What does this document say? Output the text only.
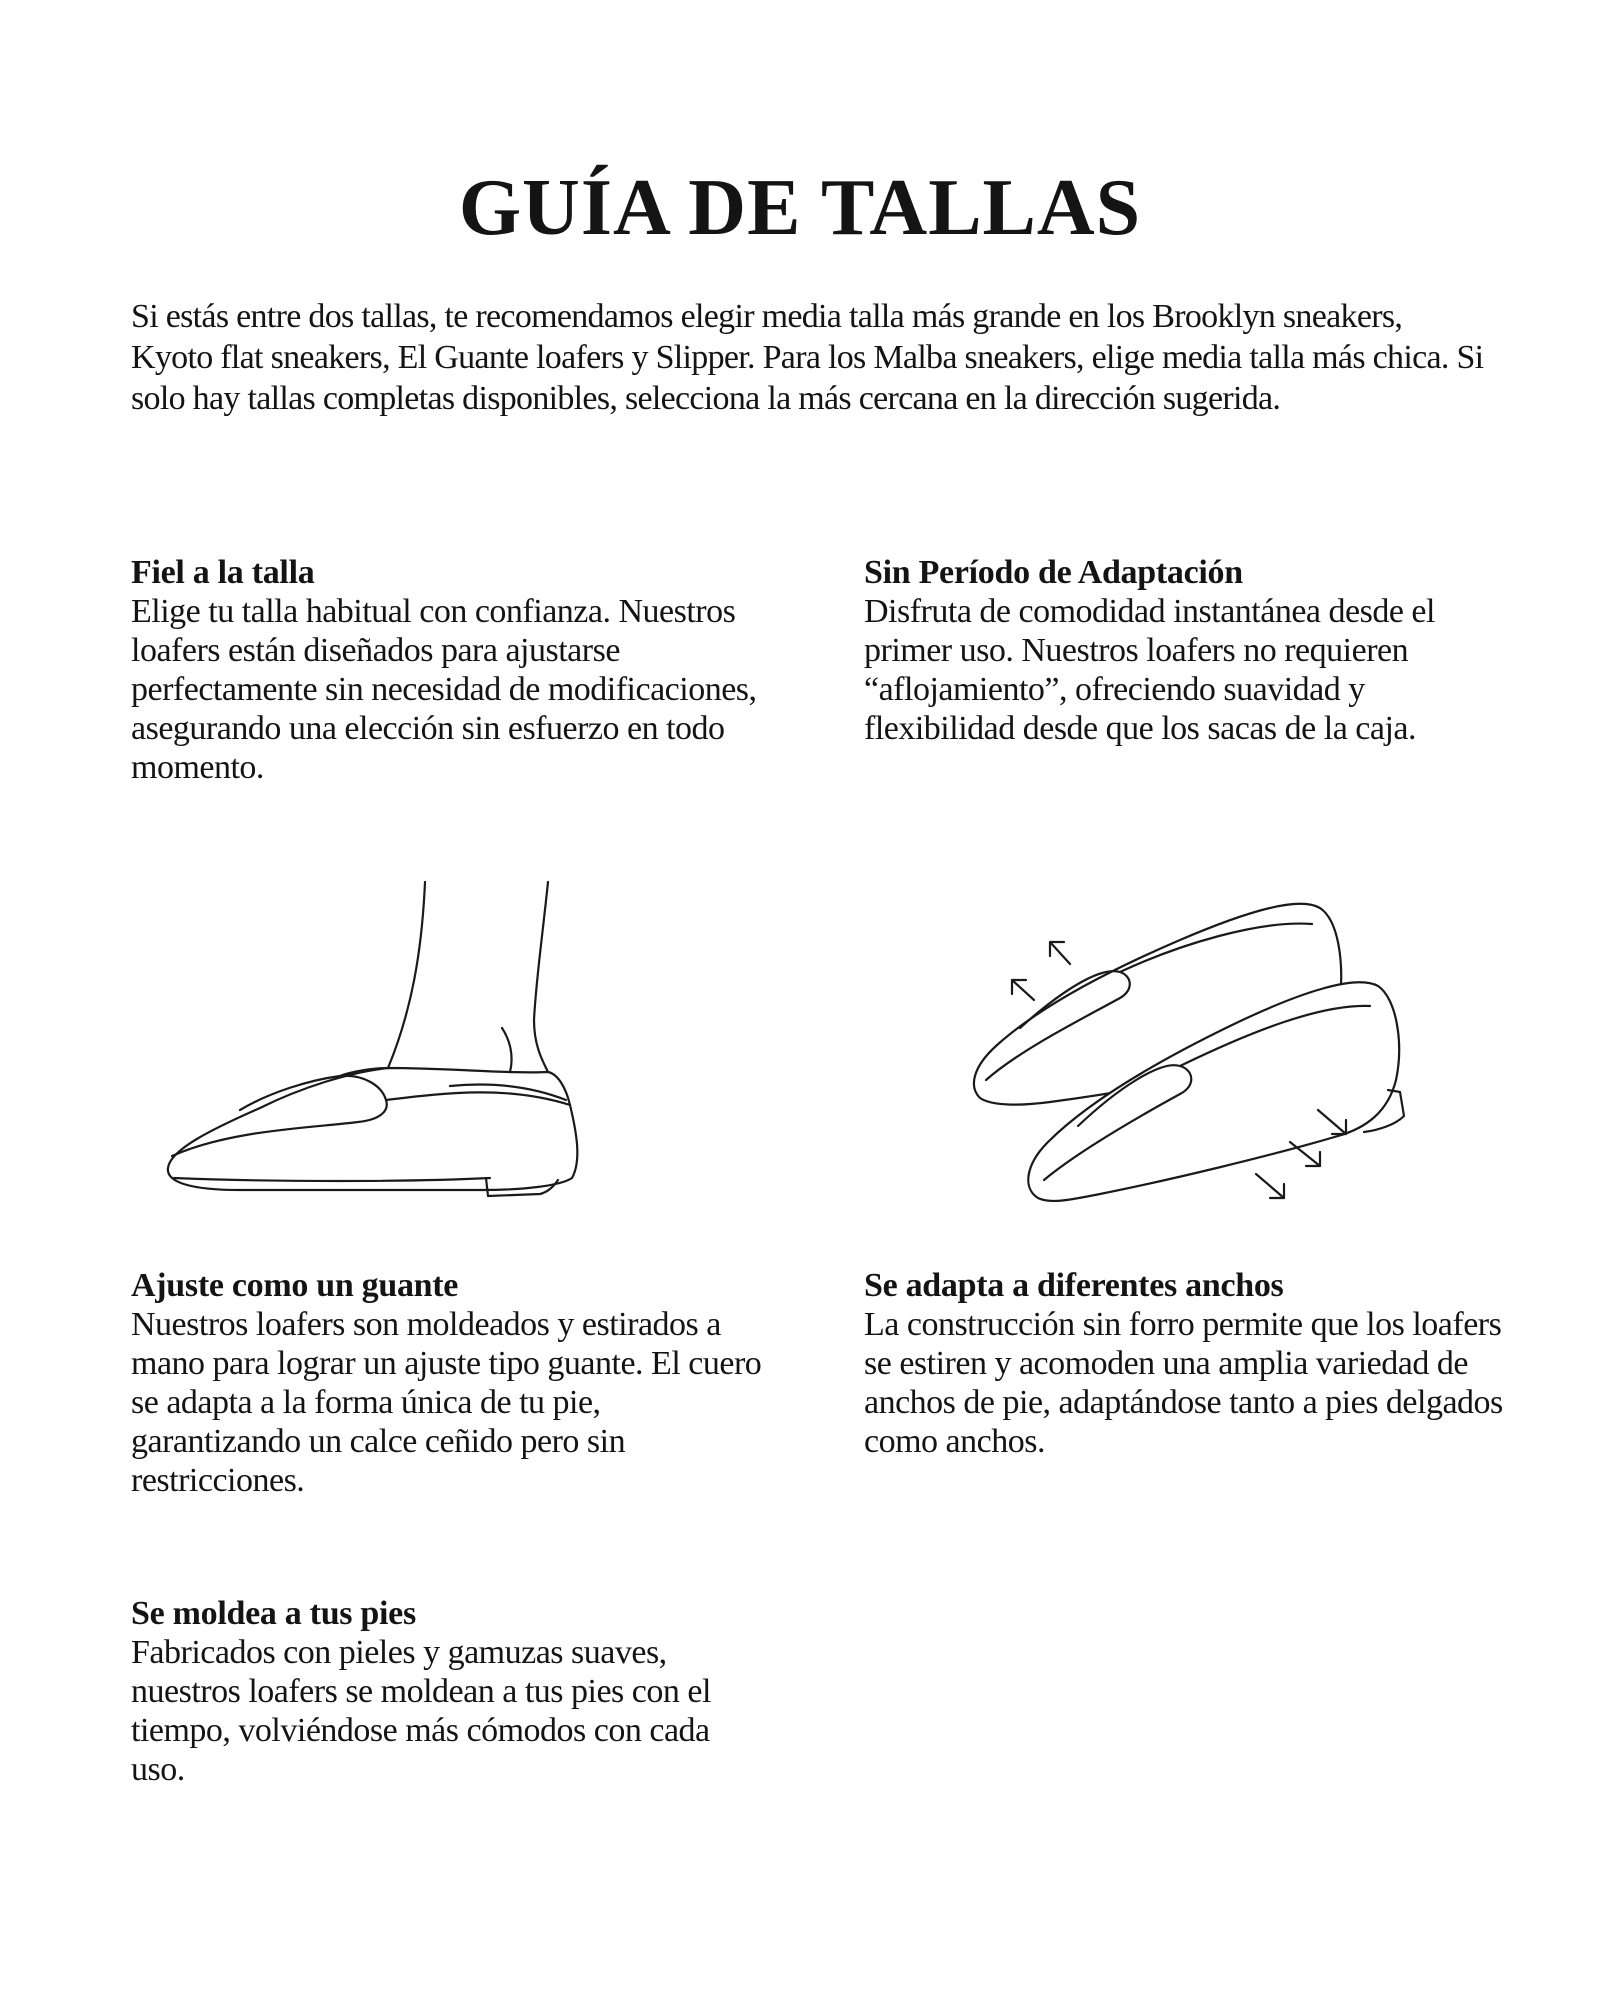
GUÍA DE TALLAS

Si estás entre dos tallas, te recomendamos elegir media talla más grande en los Brooklyn sneakers, Kyoto flat sneakers, El Guante loafers y Slipper. Para los Malba sneakers, elige media talla más chica. Si solo hay tallas completas disponibles, selecciona la más cercana en la dirección sugerida.

Fiel a la talla

Elige tu talla habitual con confianza. Nuestros loafers están diseñados para ajustarse perfectamente sin necesidad de modificaciones, asegurando una elección sin esfuerzo en todo momento.

Sin Período de Adaptación

Disfruta de comodidad instantánea desde el primer uso. Nuestros loafers no requieren “aflojamiento”, ofreciendo suavidad y flexibilidad desde que los sacas de la caja.

Ajuste como un guante

Nuestros loafers son moldeados y estirados a mano para lograr un ajuste tipo guante. El cuero se adapta a la forma única de tu pie, garantizando un calce ceñido pero sin restricciones.

Se adapta a diferentes anchos

La construcción sin forro permite que los loafers se estiren y acomoden una amplia variedad de anchos de pie, adaptándose tanto a pies delgados como anchos.

Se moldea a tus pies

Fabricados con pieles y gamuzas suaves, nuestros loafers se moldean a tus pies con el tiempo, volviéndose más cómodos con cada uso.
